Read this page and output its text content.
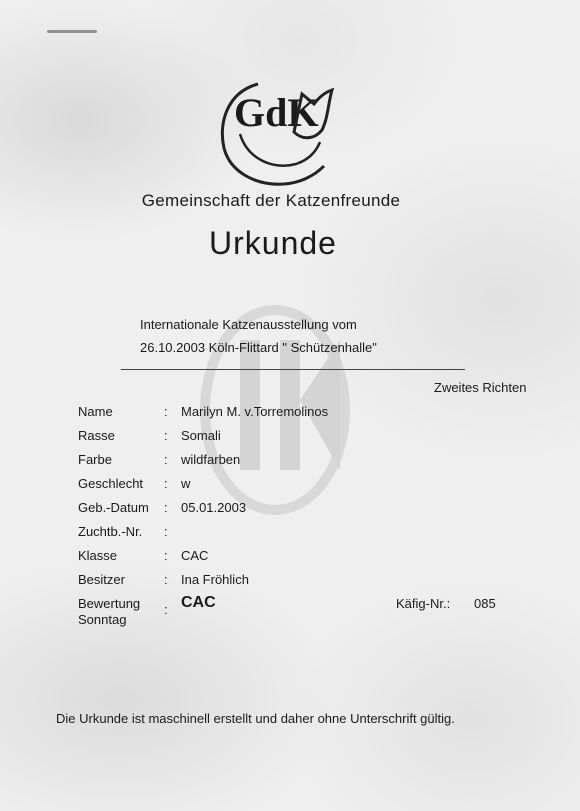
GdK
Gemeinschaft der Katzenfreunde
Urkunde
Internationale Katzenausstellung vom
26.10.2003 Köln-Flittard " Schützenhalle"
Zweites Richten
Name	: Marilyn M. v.Torremolinos
Rasse	: Somali
Farbe	: wildfarben
Geschlecht : w
Geb.-Datum : 05.01.2003
Zuchtb.-Nr. :
Klasse	: CAC
Besitzer	: Ina Fröhlich
Bewertung
Sonntag
: CAC	Käfig-Nr.: 085
Die Urkunde ist maschinell erstellt und daher ohne Unterschrift gültig.
